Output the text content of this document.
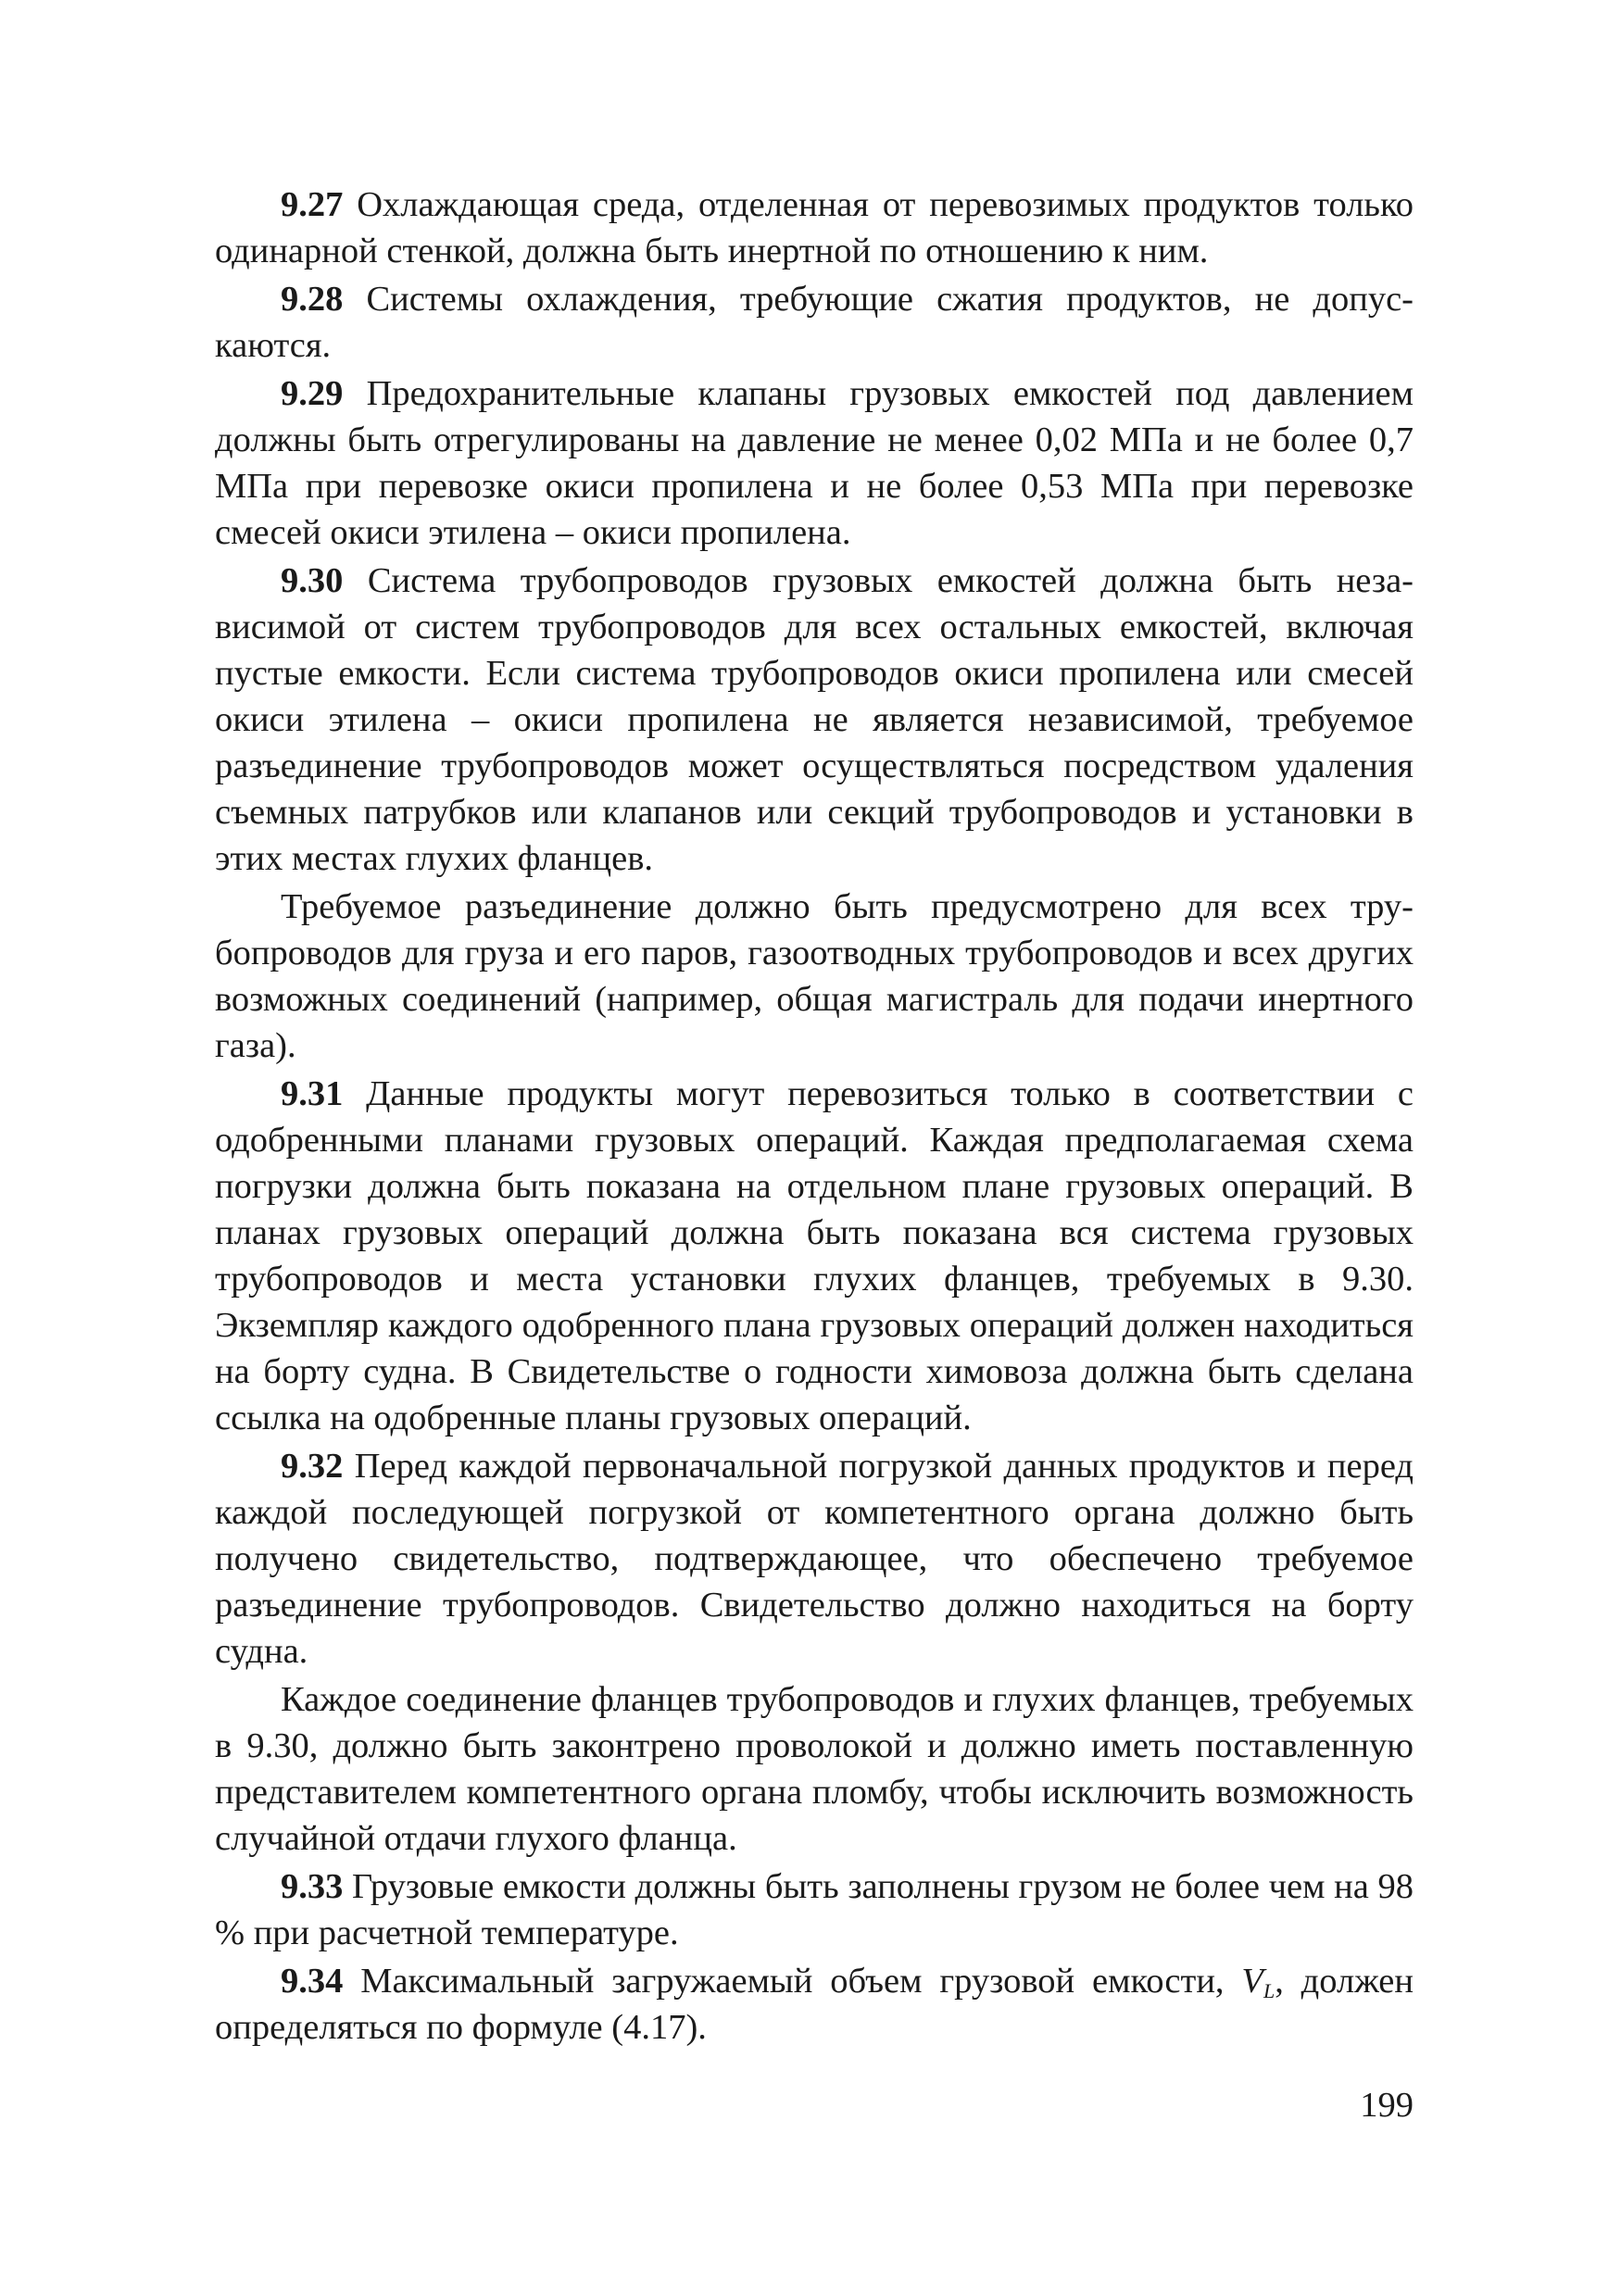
9.27 Охлаждающая среда, отделенная от перевозимых продуктов только одинарной стенкой, должна быть инертной по отношению к ним.

9.28 Системы охлаждения, требующие сжатия продуктов, не допускаются.

9.29 Предохранительные клапаны грузовых емкостей под давлением должны быть отрегулированы на давление не менее 0,02 МПа и не более 0,7 МПа при перевозке окиси пропилена и не более 0,53 МПа при перевозке смесей окиси этилена – окиси пропилена.

9.30 Система трубопроводов грузовых емкостей должна быть независимой от систем трубопроводов для всех остальных емкостей, включая пустые емкости. Если система трубопроводов окиси пропилена или смесей окиси этилена – окиси пропилена не является независимой, требуемое разъединение трубопроводов может осуществляться посредством удаления съемных патрубков или клапанов или секций трубопроводов и установки в этих местах глухих фланцев.

Требуемое разъединение должно быть предусмотрено для всех трубопроводов для груза и его паров, газоотводных трубопроводов и всех других возможных соединений (например, общая магистраль для подачи инертного газа).

9.31 Данные продукты могут перевозиться только в соответствии с одобренными планами грузовых операций. Каждая предполагаемая схема погрузки должна быть показана на отдельном плане грузовых операций. В планах грузовых операций должна быть показана вся система грузовых трубопроводов и места установки глухих фланцев, требуемых в 9.30. Экземпляр каждого одобренного плана грузовых операций должен находиться на борту судна. В Свидетельстве о годности химовоза должна быть сделана ссылка на одобренные планы грузовых операций.

9.32 Перед каждой первоначальной погрузкой данных продуктов и перед каждой последующей погрузкой от компетентного органа должно быть получено свидетельство, подтверждающее, что обеспечено требуемое разъединение трубопроводов. Свидетельство должно находиться на борту судна.

Каждое соединение фланцев трубопроводов и глухих фланцев, требуемых в 9.30, должно быть законтрено проволокой и должно иметь поставленную представителем компетентного органа пломбу, чтобы исключить возможность случайной отдачи глухого фланца.

9.33 Грузовые емкости должны быть заполнены грузом не более чем на 98 % при расчетной температуре.

9.34 Максимальный загружаемый объем грузовой емкости, $V_L$, должен определяться по формуле (4.17).

199
